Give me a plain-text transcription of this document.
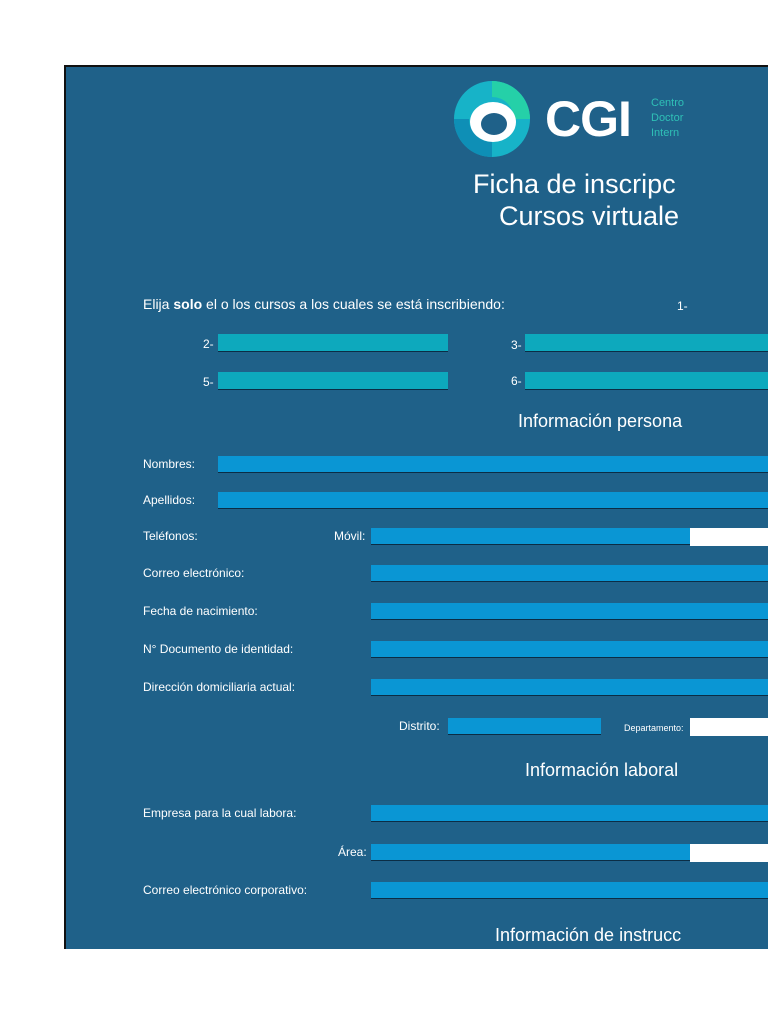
CGI Centro
Doctor
Intern
Ficha de inscripc
Cursos virtuale
Elija solo el o los cursos a los cuales se está inscribiendo:	1-
2-	3-
5-	6-
Información persona
Nombres:
Apellidos:
Teléfonos:	Móvil:
Correo electrónico:
Fecha de nacimiento:
N° Documento de identidad:
Dirección domiciliaria actual:
Distrito:	Departamento:
Información laboral
Empresa para la cual labora:
Área:
Correo electrónico corporativo:
Información de instrucc
